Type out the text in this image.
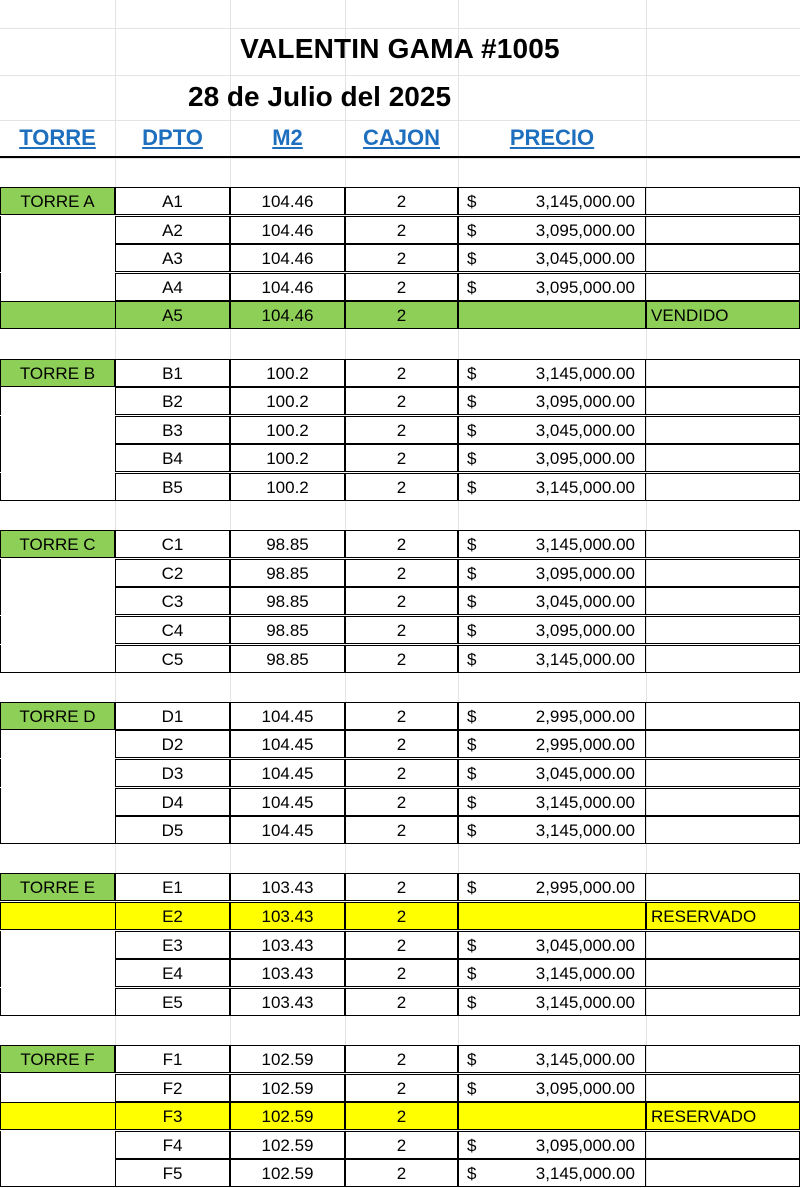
VALENTIN GAMA #1005
28 de Julio del 2025
TORRE	DPTO	M2	CAJON	PRECIO
TORRE A	A1	104.46	2	$	3,145,000.00
A2	104.46	2	$	3,095,000.00
A3	104.46	2	$	3,045,000.00
A4	104.46	2	$	3,095,000.00
A5	104.46	2	VENDIDO
TORRE B	B1	100.2	2	$	3,145,000.00
B2	100.2	2	$	3,095,000.00
B3	100.2	2	$	3,045,000.00
B4	100.2	2	$	3,095,000.00
B5	100.2	2	$	3,145,000.00
TORRE C	C1	98.85	2	$	3,145,000.00
C2	98.85	2	$	3,095,000.00
C3	98.85	2	$	3,045,000.00
C4	98.85	2	$	3,095,000.00
C5	98.85	2	$	3,145,000.00
TORRE D	D1	104.45	2	$	2,995,000.00
D2	104.45	2	$	2,995,000.00
D3	104.45	2	$	3,045,000.00
D4	104.45	2	$	3,145,000.00
D5	104.45	2	$	3,145,000.00
TORRE E	E1	103.43	2	$	2,995,000.00
E2	103.43	2	RESERVADO
E3	103.43	2	$	3,045,000.00
E4	103.43	2	$	3,145,000.00
E5	103.43	2	$	3,145,000.00
TORRE F	F1	102.59	2	$	3,145,000.00
F2	102.59	2	$	3,095,000.00
F3	102.59	2	RESERVADO
F4	102.59	2	$	3,095,000.00
F5	102.59	2	$	3,145,000.00
